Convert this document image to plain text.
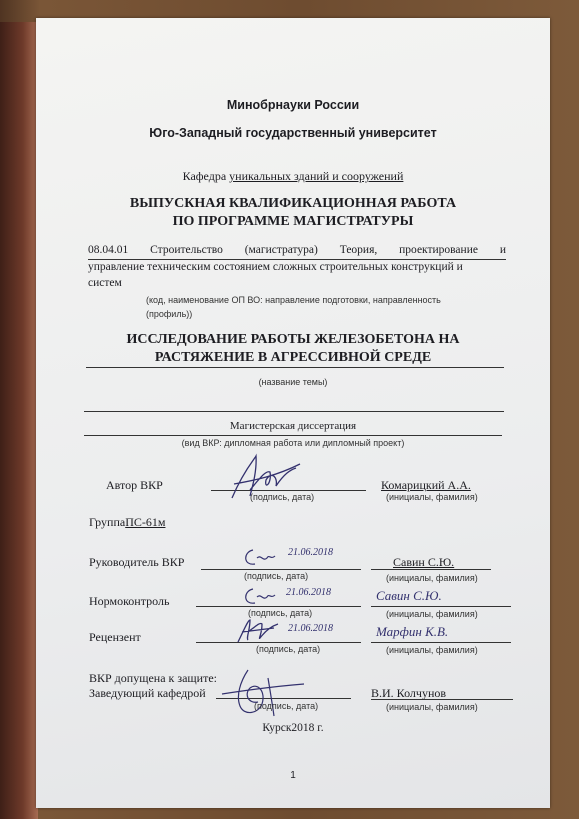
Минобрнауки России
Юго-Западный государственный университет
Кафедра уникальных зданий и сооружений
ВЫПУСКНАЯ КВАЛИФИКАЦИОННАЯ РАБОТА
ПО ПРОГРАММЕ МАГИСТРАТУРЫ
08.04.01 Строительство (магистратура) Теория, проектирование и
управление техническим состоянием сложных строительных конструкций и
систем
(код, наименование ОП ВО: направление подготовки, направленность
(профиль))
ИССЛЕДОВАНИЕ РАБОТЫ ЖЕЛЕЗОБЕТОНА НА
РАСТЯЖЕНИЕ В АГРЕССИВНОЙ СРЕДЕ
(название темы)
Магистерская диссертация
(вид ВКР: дипломная работа или дипломный проект)
Автор ВКР
(подпись, дата)
Комарицкий А.А.
(инициалы, фамилия)
ГруппаПС-61м
Руководитель ВКР
21.06.2018
(подпись, дата)
Савин С.Ю.
(инициалы, фамилия)
Нормоконтроль
21.06.2018
(подпись, дата)
Савин С.Ю.
(инициалы, фамилия)
Рецензент
21.06.2018
(подпись, дата)
Марфин К.В.
(инициалы, фамилия)
ВКР допущена к защите:
Заведующий кафедрой
(подпись, дата)
В.И. Колчунов
(инициалы, фамилия)
Курск2018 г.
1
